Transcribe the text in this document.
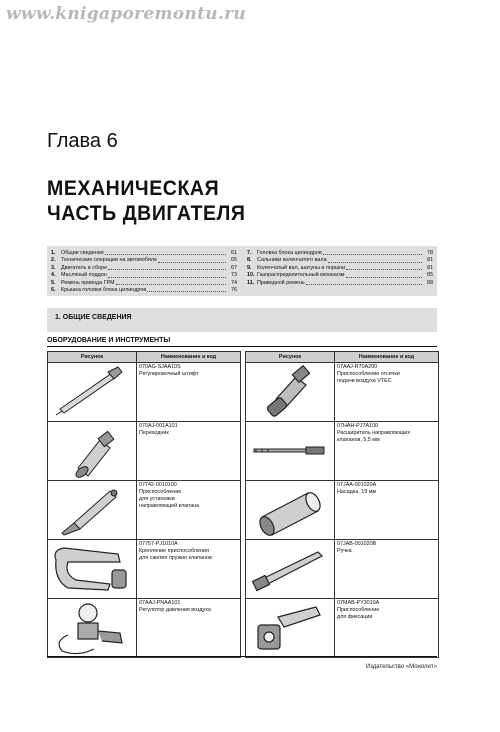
www.knigaporemontu.ru
Глава 6
МЕХАНИЧЕСКАЯ
ЧАСТЬ ДВИГАТЕЛЯ
1.	Общие сведения	61
2.	Технические операции на автомобиле	65
3.	Двигатель в сборе	67
4.	Масляный поддон	73
5.	Ремень привода ГРМ	74
6.	Крышка головки блока цилиндров	76
7.	Головка блока цилиндров	78
8.	Сальники коленчатого вала	81
9.	Коленчатый вал, шатуны и поршни	81
10. Газораспределительный механизм	85
11. Приводной ремень	88
1. ОБЩИЕ СВЕДЕНИЯ
ОБОРУДОВАНИЕ И ИНСТРУМЕНТЫ
Рисунок	Наименование и код
070AG-SJAA10S
Регулировочный штифт
070AJ-001A101
Переходник
07742-0010100
Приспособление
для установки
направляющей клапана
07757-PJ1010A
Крепление приспособления
для сжатия пружин клапанов
07AAJ-PNAA101
Регулятор давления воздуха
Рисунок	Наименование и код
07AAJ-R70A200
Приспособление отсечки
подачи воздуха VTEC
07HAH-PJ7A100
Расширитель направляющих
клапанов, 5,5 мм
07JAA-001020A
Насадка, 19 мм
07JAB-001020B
Ручка
07MAB-PY3010A
Приспособление
для фиксации
Издательство «Монолит»
